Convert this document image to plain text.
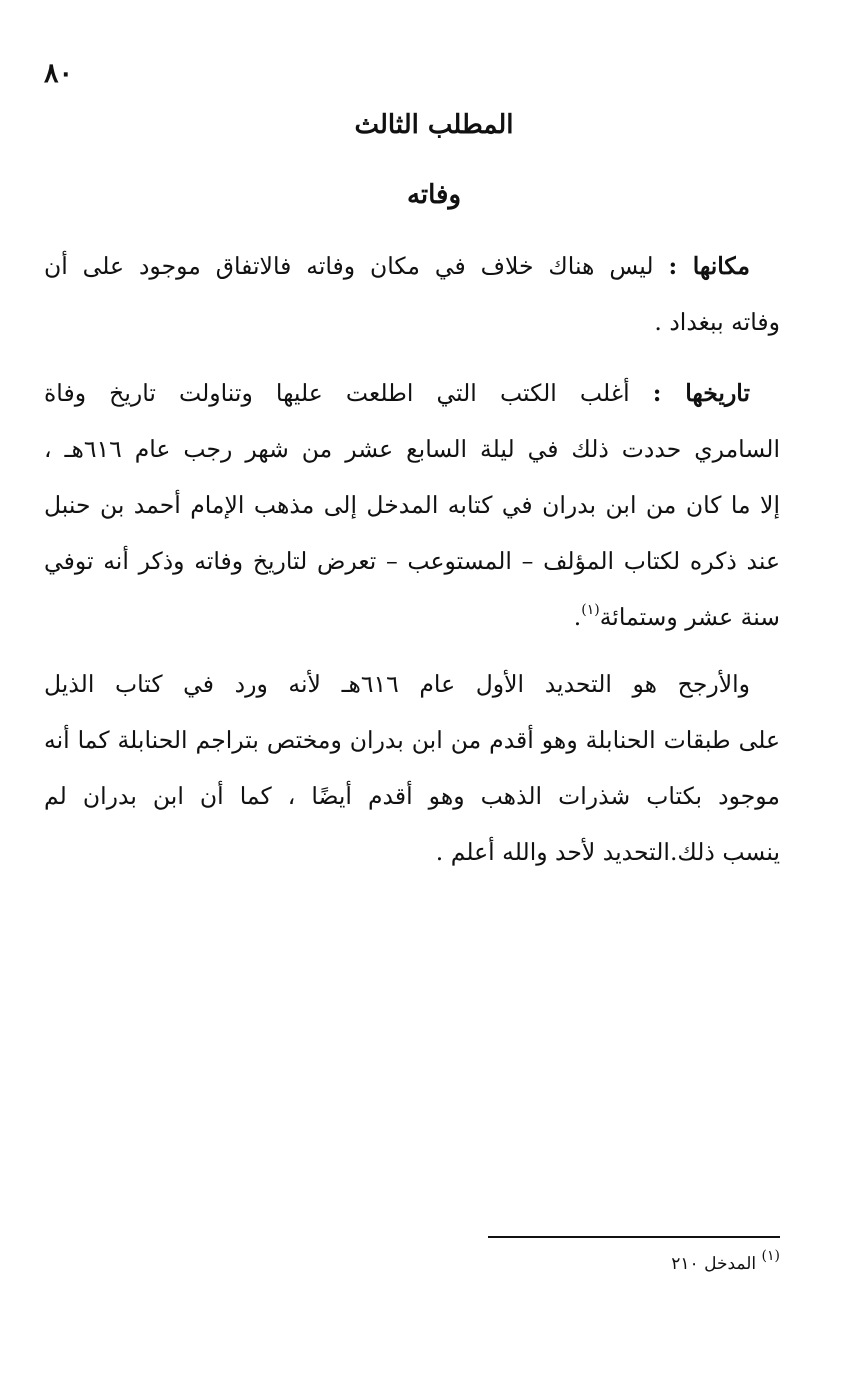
٨٠
المطلب الثالث
وفاته
مكانها : ليس هناك خلاف في مكان وفاته فالاتفاق موجود على أن
وفاته ببغداد .
تاريخها : أغلب الكتب التي اطلعت عليها وتناولت تاريخ وفاة
السامري حددت ذلك في ليلة السابع عشر من شهر رجب عام ٦١٦هـ ،
إلا ما كان من ابن بدران في كتابه المدخل إلى مذهب الإمام أحمد بن حنبل
عند ذكره لكتاب المؤلف – المستوعب – تعرض لتاريخ وفاته وذكر أنه توفي
سنة عشر وستمائة$^{(١)}$.
والأرجح هو التحديد الأول عام ٦١٦هـ لأنه ورد في كتاب الذيل
على طبقات الحنابلة وهو أقدم من ابن بدران ومختص بتراجم الحنابلة كما أنه
موجود بكتاب شذرات الذهب وهو أقدم أيضًا ، كما أن ابن بدران لم
ينسب ذلك.التحديد لأحد والله أعلم .
$^{(١)}$ المدخل ٢١٠
